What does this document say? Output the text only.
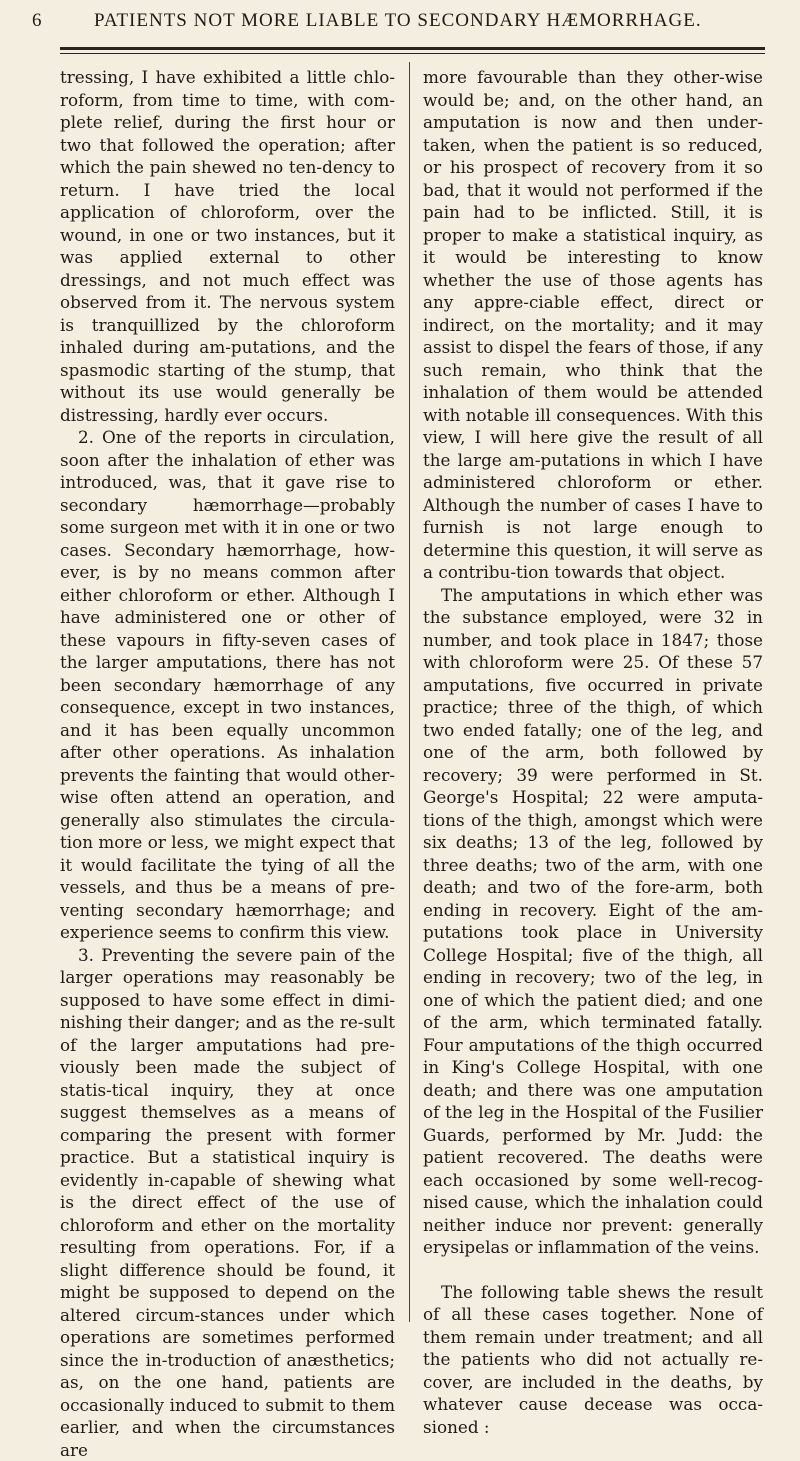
6	PATIENTS NOT MORE LIABLE TO SECONDARY HÆMORRHAGE.

tressing, I have exhibited a little chlo-roform, from time to time, with com-plete relief, during the first hour or two that followed the operation; after which the pain shewed no ten-dency to return. I have tried the local application of chloroform, over the wound, in one or two instances, but it was applied external to other dressings, and not much effect was observed from it. The nervous system is tranquillized by the chloroform inhaled during am-putations, and the spasmodic starting of the stump, that without its use would generally be distressing, hardly ever occurs.

2. One of the reports in circulation, soon after the inhalation of ether was introduced, was, that it gave rise to secondary hæmorrhage—probably some surgeon met with it in one or two cases. Secondary hæmorrhage, how-ever, is by no means common after either chloroform or ether. Although I have administered one or other of these vapours in fifty-seven cases of the larger amputations, there has not been secondary hæmorrhage of any consequence, except in two instances, and it has been equally uncommon after other operations. As inhalation prevents the fainting that would other-wise often attend an operation, and generally also stimulates the circula-tion more or less, we might expect that it would facilitate the tying of all the vessels, and thus be a means of pre-venting secondary hæmorrhage; and experience seems to confirm this view.

3. Preventing the severe pain of the larger operations may reasonably be supposed to have some effect in dimi-nishing their danger; and as the re-sult of the larger amputations had pre-viously been made the subject of statis-tical inquiry, they at once suggest themselves as a means of comparing the present with former practice. But a statistical inquiry is evidently in-capable of shewing what is the direct effect of the use of chloroform and ether on the mortality resulting from operations. For, if a slight difference should be found, it might be supposed to depend on the altered circum-stances under which operations are sometimes performed since the in-troduction of anæsthetics; as, on the one hand, patients are occasionally induced to submit to them earlier, and when the circumstances are

more favourable than they other-wise would be; and, on the other hand, an amputation is now and then under-taken, when the patient is so reduced, or his prospect of recovery from it so bad, that it would not performed if the pain had to be inflicted. Still, it is proper to make a statistical inquiry, as it would be interesting to know whether the use of those agents has any appre-ciable effect, direct or indirect, on the mortality; and it may assist to dispel the fears of those, if any such remain, who think that the inhalation of them would be attended with notable ill consequences. With this view, I will here give the result of all the large am-putations in which I have administered chloroform or ether. Although the number of cases I have to furnish is not large enough to determine this question, it will serve as a contribu-tion towards that object.

The amputations in which ether was the substance employed, were 32 in number, and took place in 1847; those with chloroform were 25. Of these 57 amputations, five occurred in private practice; three of the thigh, of which two ended fatally; one of the leg, and one of the arm, both followed by recovery; 39 were performed in St. George's Hospital; 22 were amputa-tions of the thigh, amongst which were six deaths; 13 of the leg, followed by three deaths; two of the arm, with one death; and two of the fore-arm, both ending in recovery. Eight of the am-putations took place in University College Hospital; five of the thigh, all ending in recovery; two of the leg, in one of which the patient died; and one of the arm, which terminated fatally. Four amputations of the thigh occurred in King's College Hospital, with one death; and there was one amputation of the leg in the Hospital of the Fusilier Guards, performed by Mr. Judd: the patient recovered. The deaths were each occasioned by some well-recog-nised cause, which the inhalation could neither induce nor prevent: generally erysipelas or inflammation of the veins.

The following table shews the result of all these cases together. None of them remain under treatment; and all the patients who did not actually re-cover, are included in the deaths, by whatever cause decease was occa-sioned :
